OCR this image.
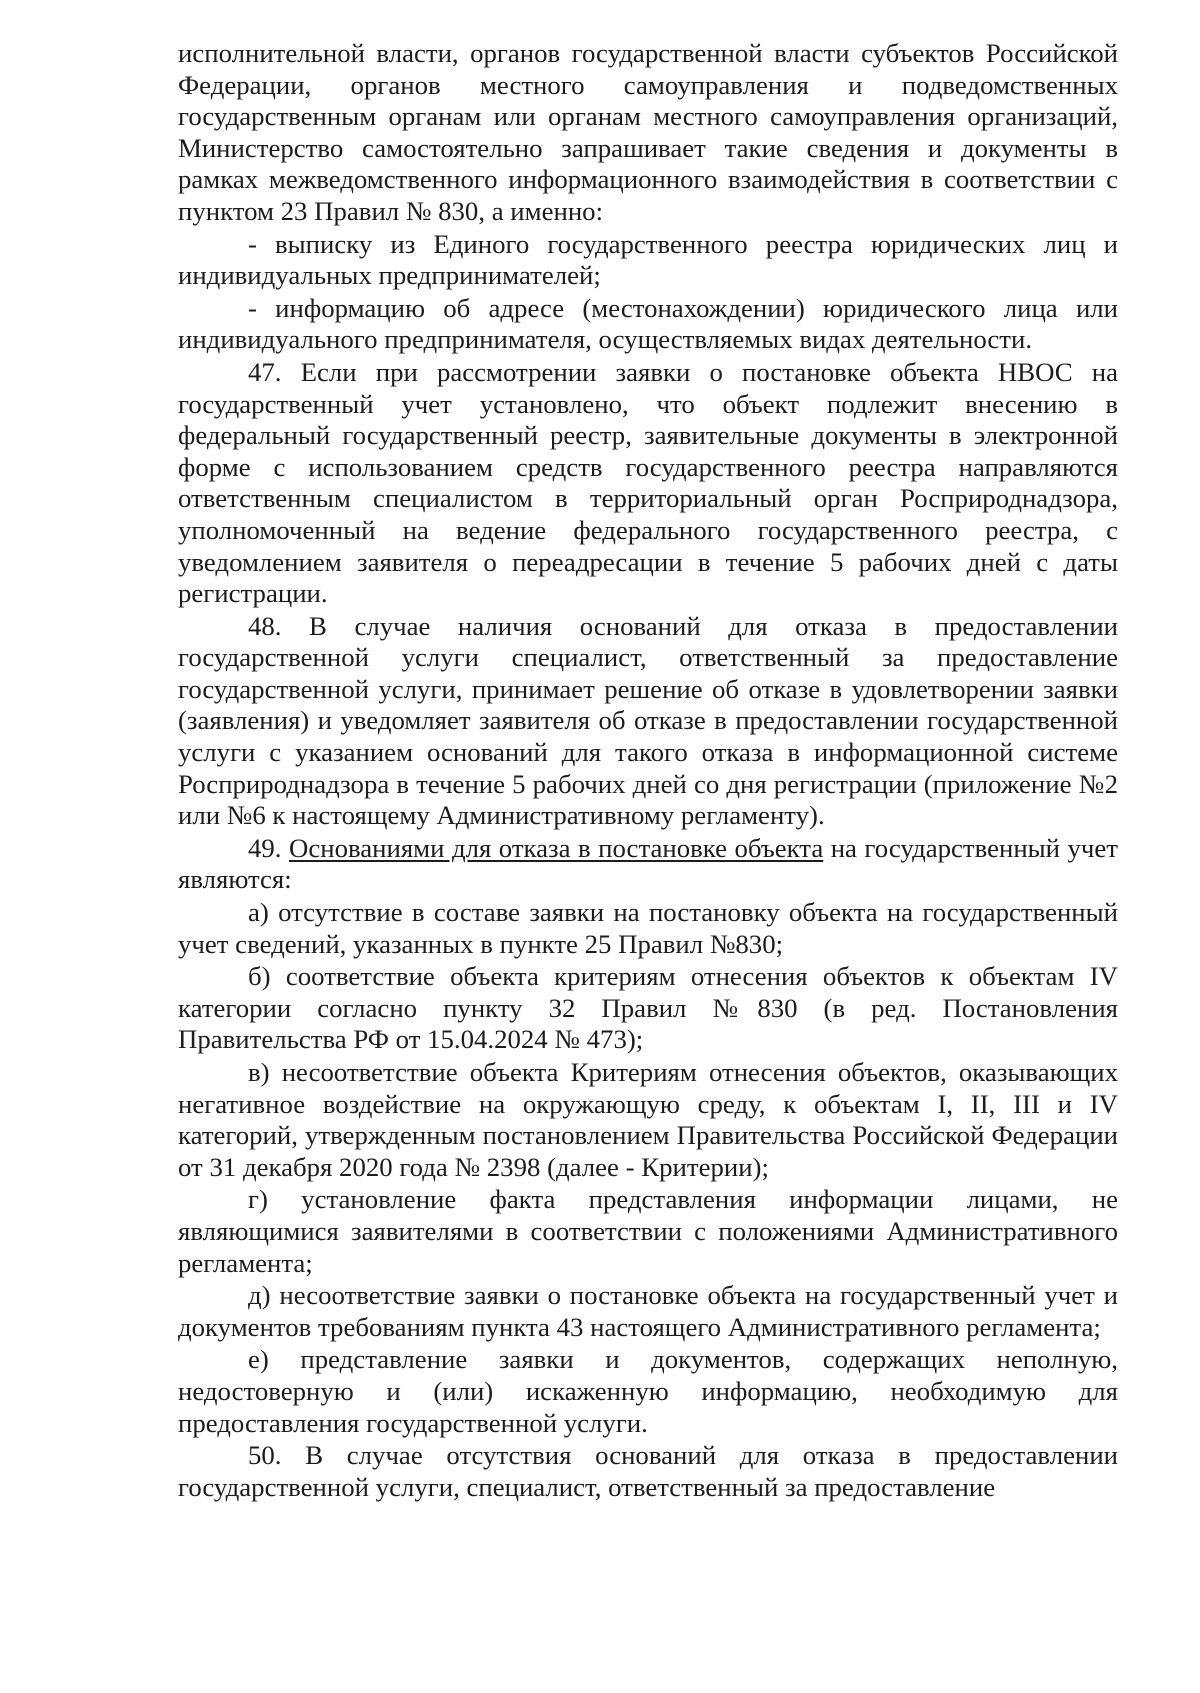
исполнительной власти, органов государственной власти субъектов Российской Федерации, органов местного самоуправления и подведомственных государственным органам или органам местного самоуправления организаций, Министерство самостоятельно запрашивает такие сведения и документы в рамках межведомственного информационного взаимодействия в соответствии с пунктом 23 Правил № 830, а именно:

- выписку из Единого государственного реестра юридических лиц и индивидуальных предпринимателей;

- информацию об адресе (местонахождении) юридического лица или индивидуального предпринимателя, осуществляемых видах деятельности.

47. Если при рассмотрении заявки о постановке объекта НВОС на государственный учет установлено, что объект подлежит внесению в федеральный государственный реестр, заявительные документы в электронной форме с использованием средств государственного реестра направляются ответственным специалистом в территориальный орган Росприроднадзора, уполномоченный на ведение федерального государственного реестра, с уведомлением заявителя о переадресации в течение 5 рабочих дней с даты регистрации.

48. В случае наличия оснований для отказа в предоставлении государственной услуги специалист, ответственный за предоставление государственной услуги, принимает решение об отказе в удовлетворении заявки (заявления) и уведомляет заявителя об отказе в предоставлении государственной услуги с указанием оснований для такого отказа в информационной системе Росприроднадзора в течение 5 рабочих дней со дня регистрации (приложение №2 или №6 к настоящему Административному регламенту).

49. Основаниями для отказа в постановке объекта на государственный учет являются:

а) отсутствие в составе заявки на постановку объекта на государственный учет сведений, указанных в пункте 25 Правил №830;

б) соответствие объекта критериям отнесения объектов к объектам IV категории согласно пункту 32 Правил №830 (в ред. Постановления Правительства РФ от 15.04.2024 № 473);

в) несоответствие объекта Критериям отнесения объектов, оказывающих негативное воздействие на окружающую среду, к объектам I, II, III и IV категорий, утвержденным постановлением Правительства Российской Федерации от 31 декабря 2020 года № 2398 (далее - Критерии);

г) установление факта представления информации лицами, не являющимися заявителями в соответствии с положениями Административного регламента;

д) несоответствие заявки о постановке объекта на государственный учет и документов требованиям пункта 43 настоящего Административного регламента;

е) представление заявки и документов, содержащих неполную, недостоверную и (или) искаженную информацию, необходимую для предоставления государственной услуги.

50. В случае отсутствия оснований для отказа в предоставлении государственной услуги, специалист, ответственный за предоставление
